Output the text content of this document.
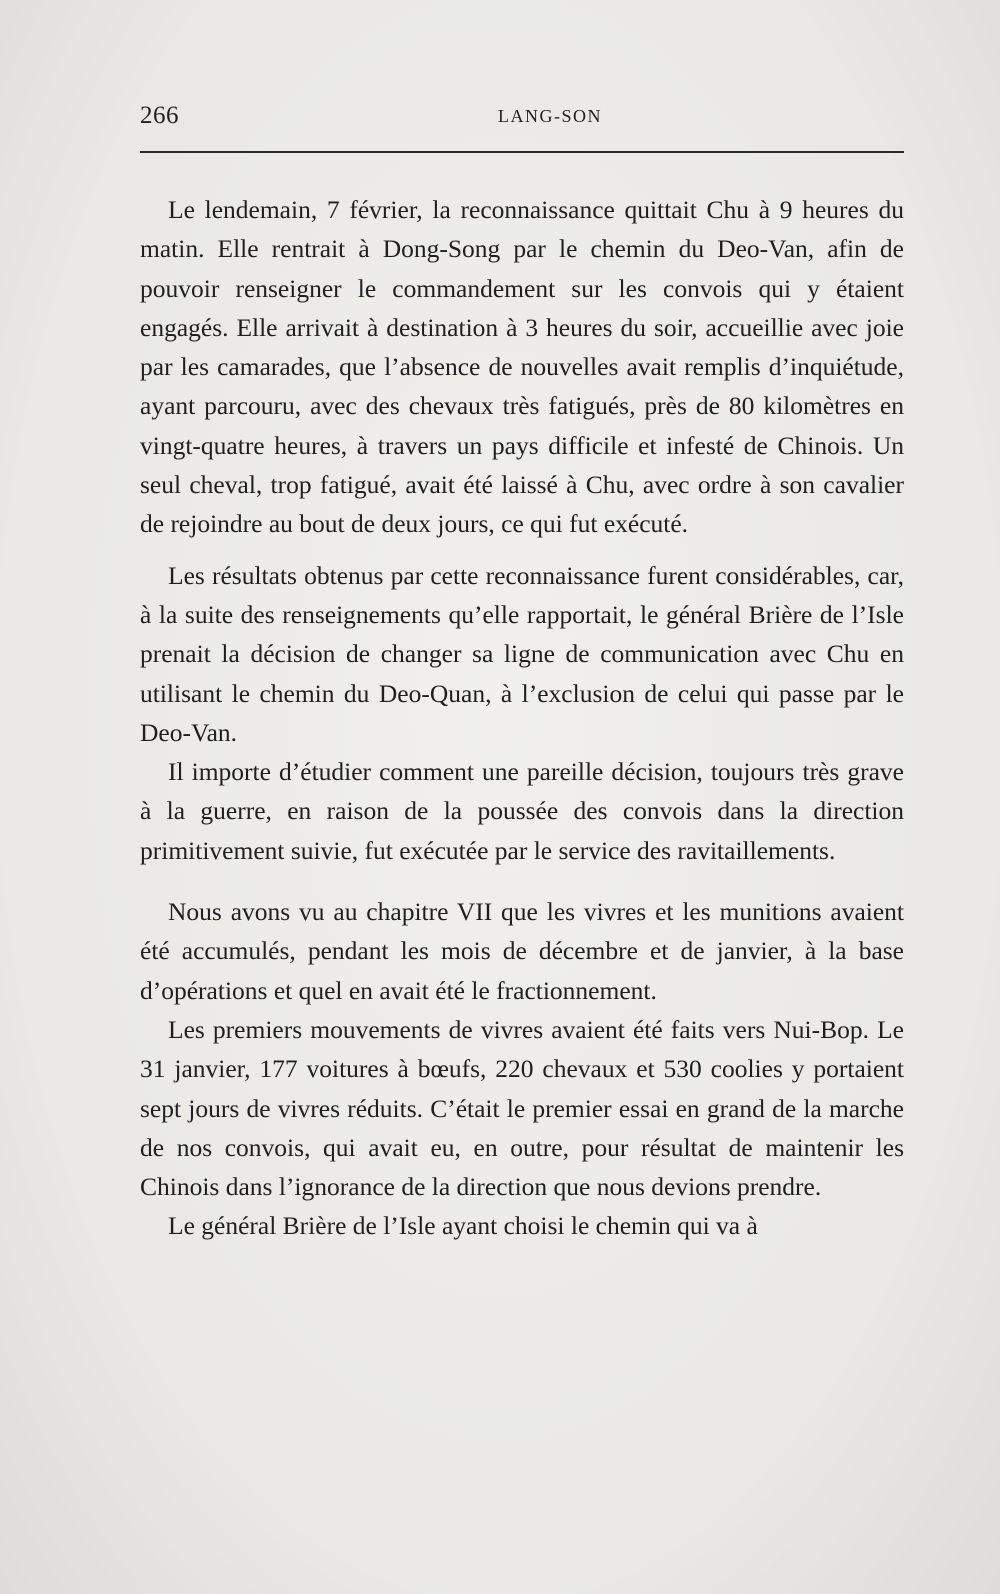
266	LANG-SON

Le lendemain, 7 février, la reconnaissance quittait Chu à 9 heures du matin. Elle rentrait à Dong-Song par le chemin du Deo-Van, afin de pouvoir renseigner le commandement sur les convois qui y étaient engagés. Elle arrivait à destination à 3 heures du soir, accueillie avec joie par les camarades, que l’absence de nouvelles avait remplis d’inquiétude, ayant parcouru, avec des chevaux très fatigués, près de 80 kilomètres en vingt-quatre heures, à travers un pays difficile et infesté de Chinois. Un seul cheval, trop fatigué, avait été laissé à Chu, avec ordre à son cavalier de rejoindre au bout de deux jours, ce qui fut exécuté.

Les résultats obtenus par cette reconnaissance furent considérables, car, à la suite des renseignements qu’elle rapportait, le général Brière de l’Isle prenait la décision de changer sa ligne de communication avec Chu en utilisant le chemin du Deo-Quan, à l’exclusion de celui qui passe par le Deo-Van.

Il importe d’étudier comment une pareille décision, toujours très grave à la guerre, en raison de la poussée des convois dans la direction primitivement suivie, fut exécutée par le service des ravitaillements.

Nous avons vu au chapitre VII que les vivres et les munitions avaient été accumulés, pendant les mois de décembre et de janvier, à la base d’opérations et quel en avait été le fractionnement.

Les premiers mouvements de vivres avaient été faits vers Nui-Bop. Le 31 janvier, 177 voitures à bœufs, 220 chevaux et 530 coolies y portaient sept jours de vivres réduits. C’était le premier essai en grand de la marche de nos convois, qui avait eu, en outre, pour résultat de maintenir les Chinois dans l’ignorance de la direction que nous devions prendre.

Le général Brière de l’Isle ayant choisi le chemin qui va à
